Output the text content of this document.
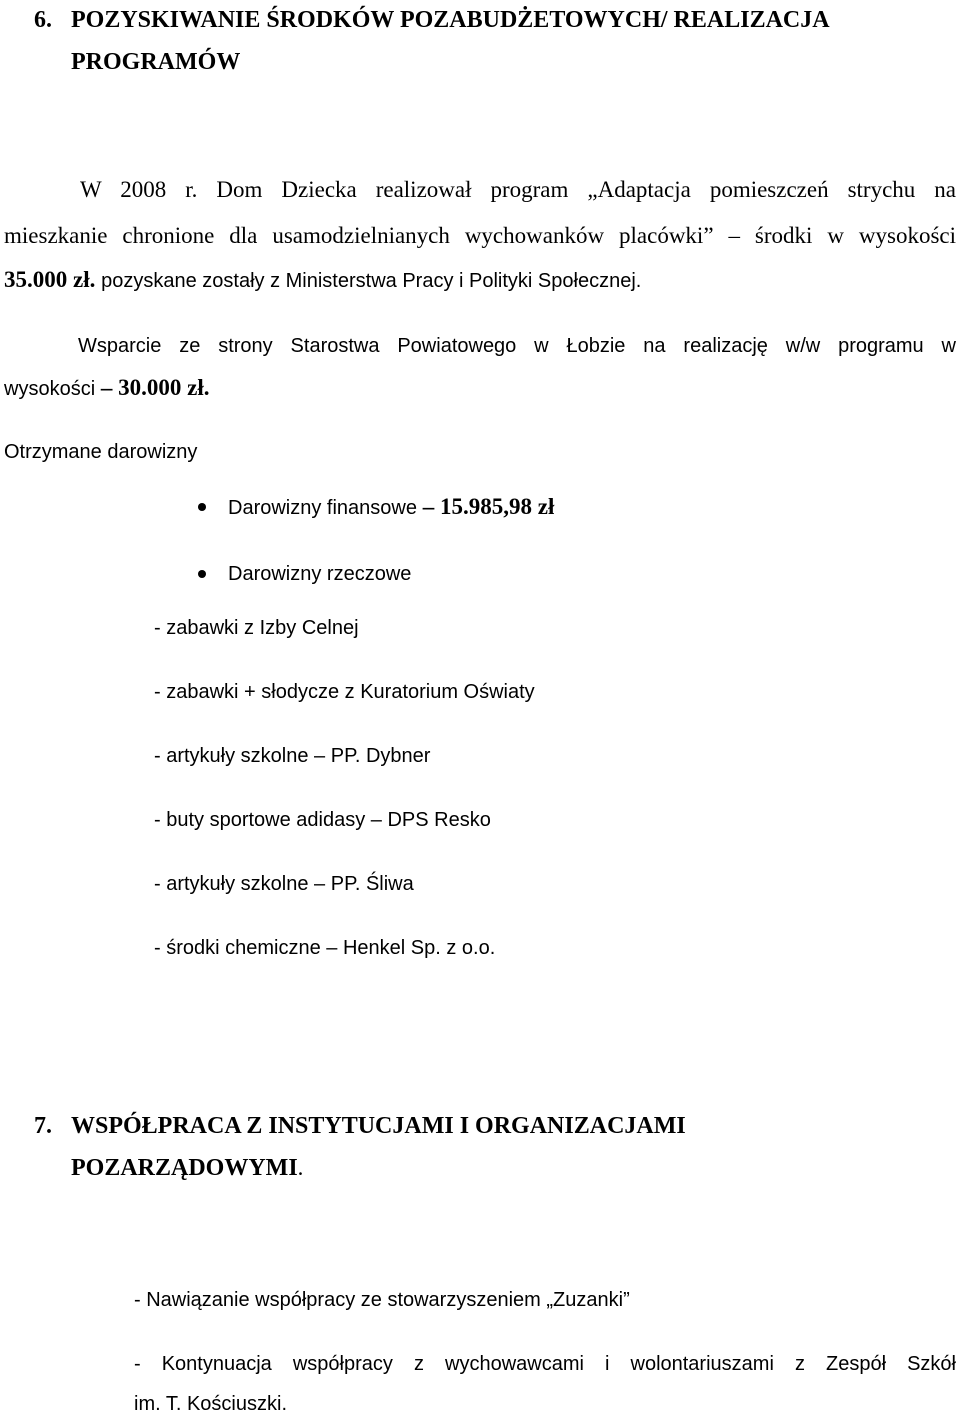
6. POZYSKIWANIE ŚRODKÓW POZABUDŻETOWYCH/ REALIZACJA
PROGRAMÓW
W 2008 r. Dom Dziecka realizował program „Adaptacja pomieszczeń strychu na
mieszkanie chronione dla usamodzielnianych wychowanków placówki” – środki w wysokości
35.000 zł. pozyskane zostały z Ministerstwa Pracy i Polityki Społecznej.
Wsparcie ze strony Starostwa Powiatowego w Łobzie na realizację w/w programu w
wysokości – 30.000 zł.
Otrzymane darowizny
Darowizny finansowe – 15.985,98 zł
Darowizny rzeczowe
- zabawki z Izby Celnej
- zabawki + słodycze z Kuratorium Oświaty
- artykuły szkolne – PP. Dybner
- buty sportowe adidasy – DPS Resko
- artykuły szkolne – PP. Śliwa
- środki chemiczne – Henkel Sp. z o.o.
7. WSPÓŁPRACA Z INSTYTUCJAMI I ORGANIZACJAMI
POZARZĄDOWYMI.
- Nawiązanie współpracy ze stowarzyszeniem „Zuzanki”
- Kontynuacja współpracy z wychowawcami i wolontariuszami z Zespół Szkół
im. T. Kościuszki.
